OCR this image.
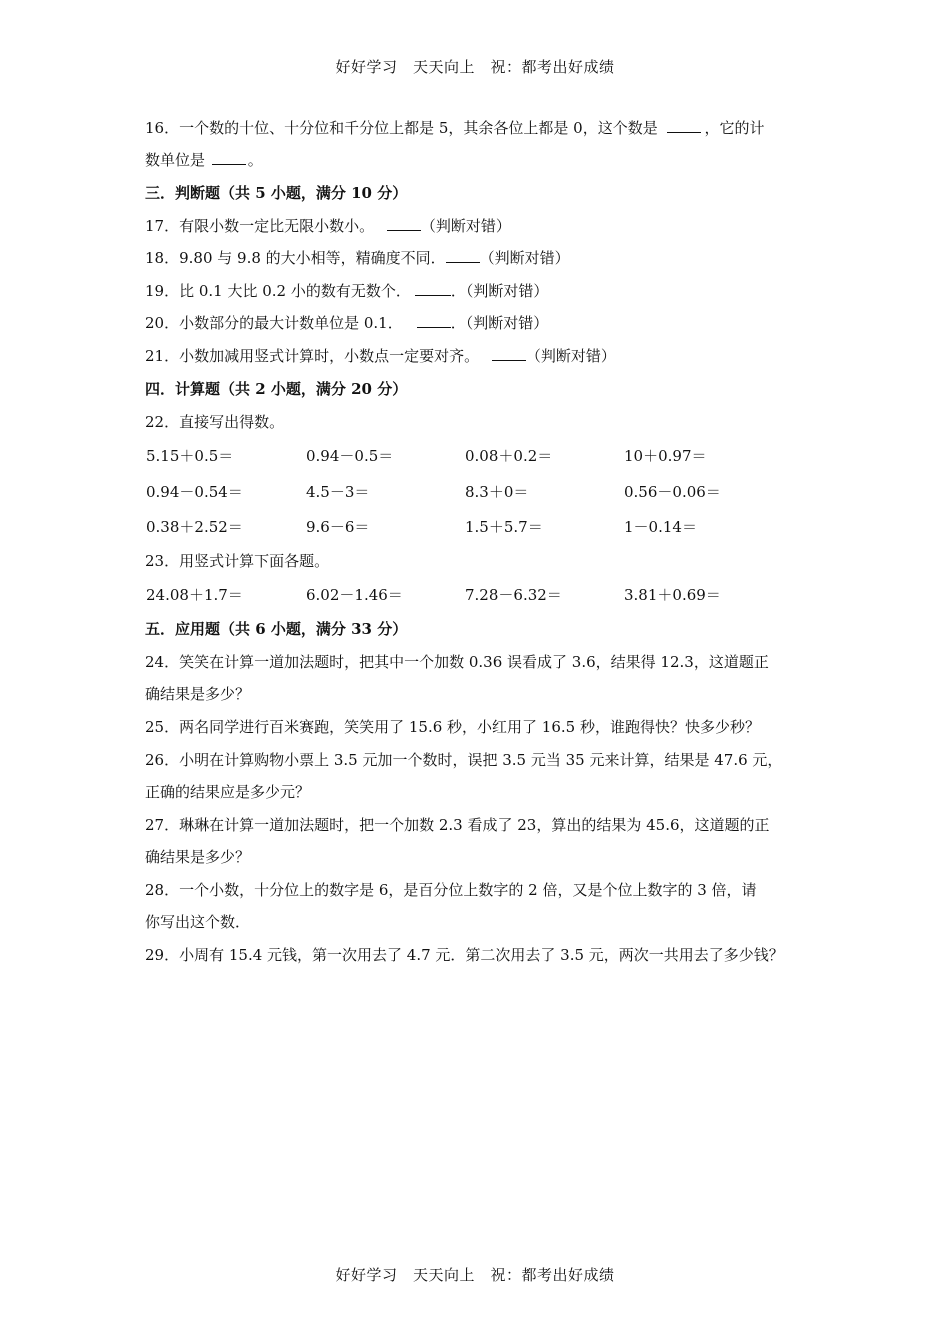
好好学习　天天向上　祝：都考出好成绩
16．一个数的十位、十分位和千分位上都是 5，其余各位上都是 0，这个数是	，它的计
数单位是	。
三．判断题（共 5 小题，满分 10 分）
17．有限小数一定比无限小数小。	（判断对错）
18．9.80 与 9.8 的大小相等，精确度不同． （判断对错）
19．比 0.1 大比 0.2 小的数有无数个．	．（判断对错）
20．小数部分的最大计数单位是 0.1．	．（判断对错）
21．小数加减用竖式计算时，小数点一定要对齐。	（判断对错）
四．计算题（共 2 小题，满分 20 分）
22．直接写出得数。
5.15＋0.5＝	0.94－0.5＝	0.08＋0.2＝	10＋0.97＝
0.94－0.54＝	4.5－3＝	8.3＋0＝	0.56－0.06＝
0.38＋2.52＝	9.6－6＝	1.5＋5.7＝	1－0.14＝
23．用竖式计算下面各题。
24.08＋1.7＝	6.02－1.46＝	7.28－6.32＝	3.81＋0.69＝
五．应用题（共 6 小题，满分 33 分）
24．笑笑在计算一道加法题时，把其中一个加数 0.36 误看成了 3.6，结果得 12.3，这道题正
确结果是多少？
25．两名同学进行百米赛跑，笑笑用了 15.6 秒，小红用了 16.5 秒，谁跑得快？快多少秒？
26．小明在计算购物小票上 3.5 元加一个数时，误把 3.5 元当 35 元来计算，结果是 47.6 元，
正确的结果应是多少元？
27．琳琳在计算一道加法题时，把一个加数 2.3 看成了 23，算出的结果为 45.6，这道题的正
确结果是多少？
28．一个小数，十分位上的数字是 6，是百分位上数字的 2 倍，又是个位上数字的 3 倍，请
你写出这个数．
29．小周有 15.4 元钱，第一次用去了 4.7 元．第二次用去了 3.5 元，两次一共用去了多少钱？
好好学习　天天向上　祝：都考出好成绩
